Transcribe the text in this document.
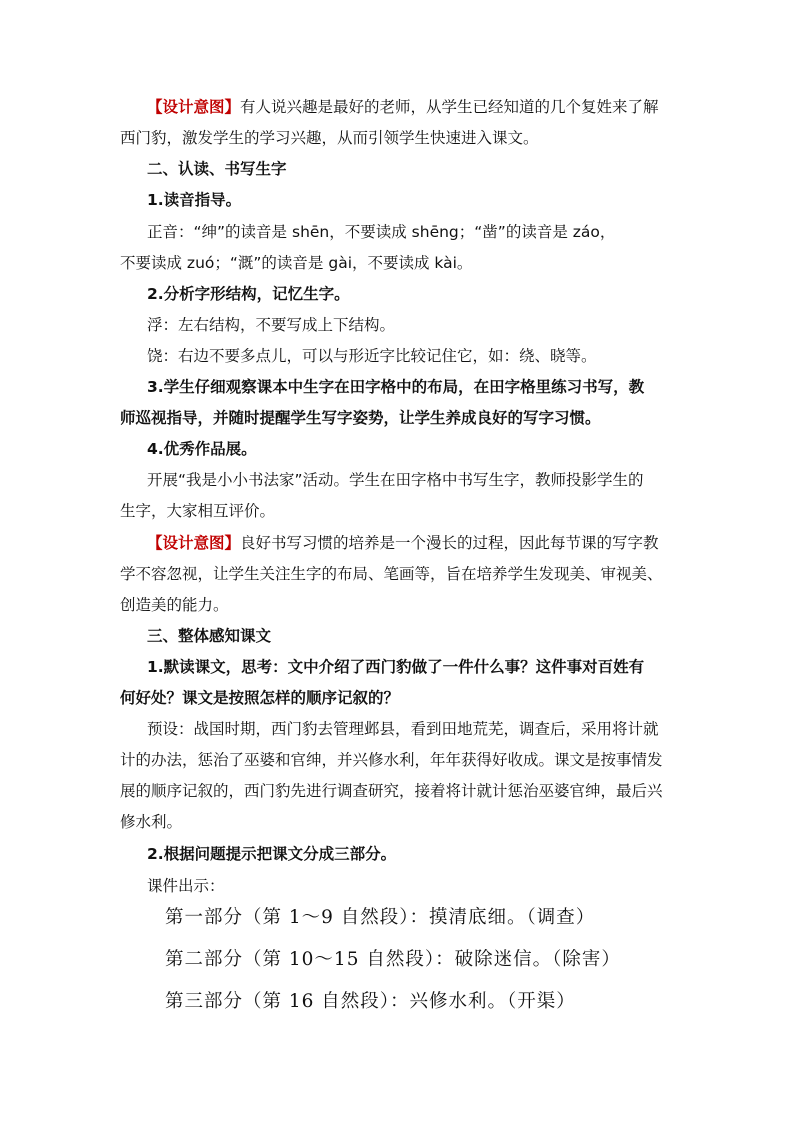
【设计意图】有人说兴趣是最好的老师，从学生已经知道的几个复姓来了解
西门豹，激发学生的学习兴趣，从而引领学生快速进入课文。
二、认读、书写生字
1.读音指导。
正音：“绅”的读音是 shēn，不要读成 shēng；“凿”的读音是 záo，
不要读成 zuó；“溉”的读音是 gài，不要读成 kài。
2.分析字形结构，记忆生字。
浮：左右结构，不要写成上下结构。
饶：右边不要多点儿，可以与形近字比较记住它，如：绕、晓等。
3.学生仔细观察课本中生字在田字格中的布局，在田字格里练习书写，教
师巡视指导，并随时提醒学生写字姿势，让学生养成良好的写字习惯。
4.优秀作品展。
开展“我是小小书法家”活动。学生在田字格中书写生字，教师投影学生的
生字，大家相互评价。
【设计意图】良好书写习惯的培养是一个漫长的过程，因此每节课的写字教
学不容忽视，让学生关注生字的布局、笔画等，旨在培养学生发现美、审视美、
创造美的能力。
三、整体感知课文
1.默读课文，思考：文中介绍了西门豹做了一件什么事？这件事对百姓有
何好处？课文是按照怎样的顺序记叙的？
预设：战国时期，西门豹去管理邺县，看到田地荒芜，调查后，采用将计就
计的办法，惩治了巫婆和官绅，并兴修水利，年年获得好收成。课文是按事情发
展的顺序记叙的，西门豹先进行调查研究，接着将计就计惩治巫婆官绅，最后兴
修水利。
2.根据问题提示把课文分成三部分。
课件出示：
第一部分（第 1～9 自然段）：摸清底细。（调查）
第二部分（第 10～15 自然段）：破除迷信。（除害）
第三部分（第 16 自然段）：兴修水利。（开渠）
